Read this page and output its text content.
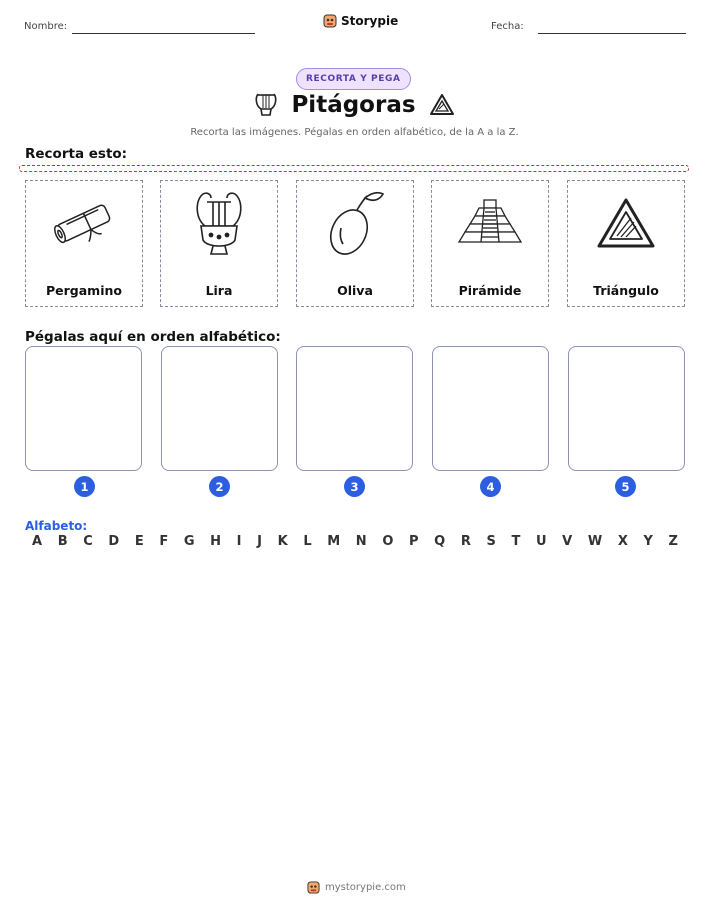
Nombre:	Storypie	Fecha:
RECORTA Y PEGA
Pitágoras
Recorta las imágenes. Pégalas en orden alfabético, de la A a la Z.
Recorta esto:
Pergamino	Lira	Oliva	Pirámide	Triángulo
Pégalas aquí en orden alfabético:
1	2	3	4	5
Alfabeto:
A B C D E F G H I J K L M N O P Q R S T U V W X Y Z
mystorypie.com
